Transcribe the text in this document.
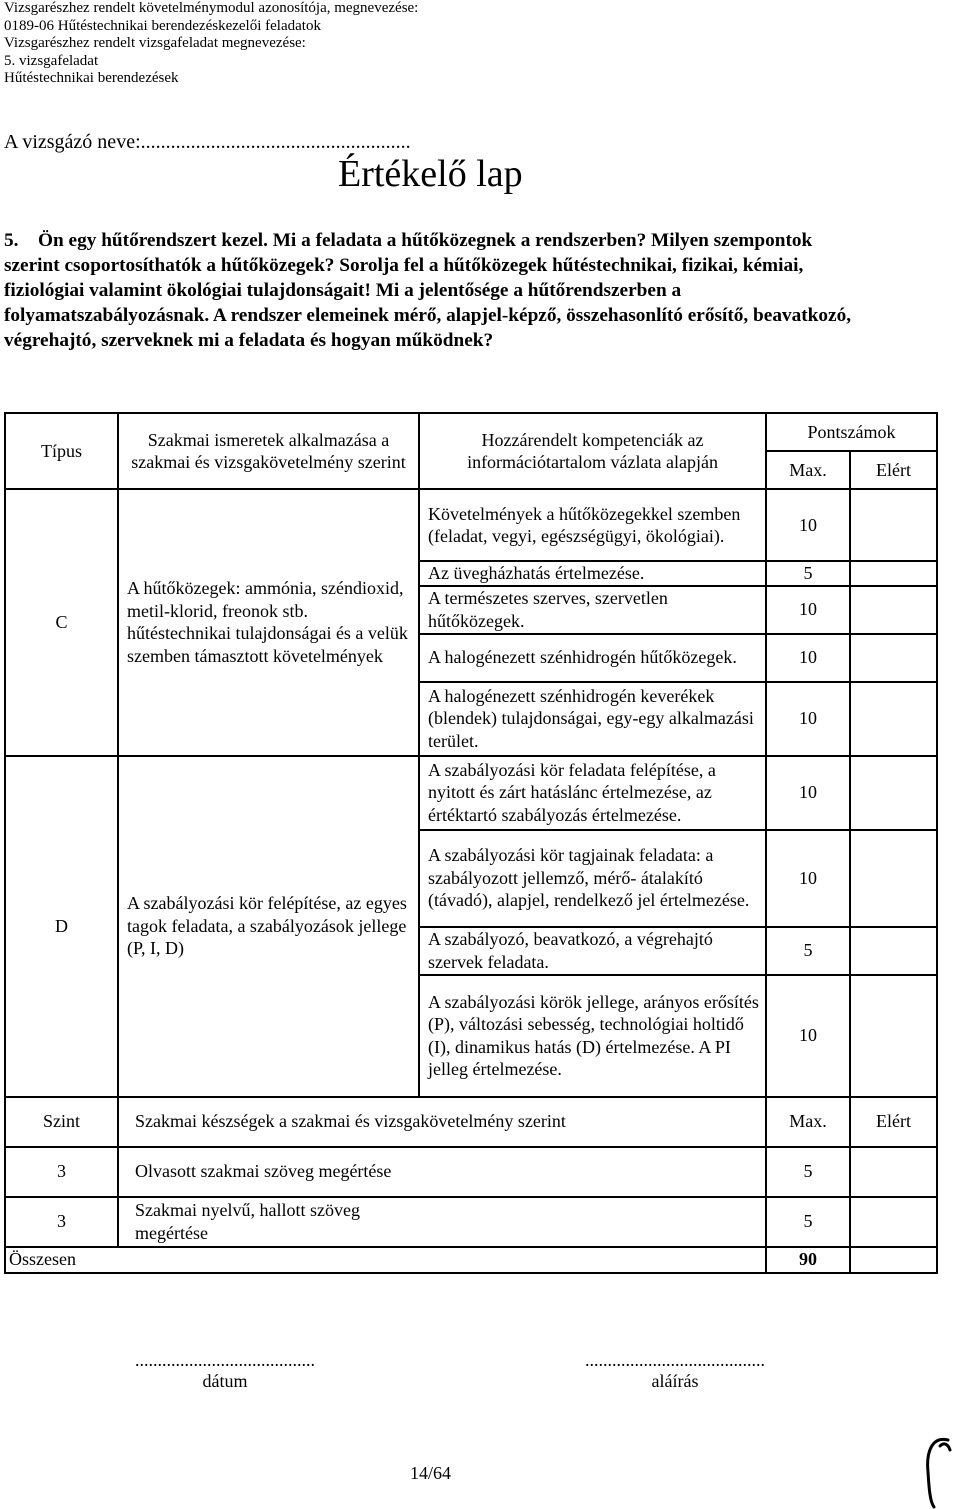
Vizsgarészhez rendelt követelménymodul azonosítója, megnevezése:
0189-06 Hűtéstechnikai berendezéskezelői feladatok
Vizsgarészhez rendelt vizsgafeladat megnevezése:
5. vizsgafeladat
Hűtéstechnikai berendezések
A vizsgázó neve:......................................................
Értékelő lap
5. Ön egy hűtőrendszert kezel. Mi a feladata a hűtőközegnek a rendszerben? Milyen szempontok szerint csoportosíthatók a hűtőközegek? Sorolja fel a hűtőközegek hűtéstechnikai, fizikai, kémiai, fiziológiai valamint ökológiai tulajdonságait! Mi a jelentősége a hűtőrendszerben a folyamatszabályozásnak. A rendszer elemeinek mérő, alapjel-képző, összehasonlító erősítő, beavatkozó, végrehajtó, szerveknek mi a feladata és hogyan működnek?
Típus	Szakmai ismeretek alkalmazása a szakmai és vizsgakövetelmény szerint	Hozzárendelt kompetenciák az információtartalom vázlata alapján	Pontszámok	
			Max.	Elért
C	A hűtőközegek: ammónia, széndioxid, metil-klorid, freonok stb. hűtéstechnikai tulajdonságai és a velük szemben támasztott követelmények	Követelmények a hűtőközegekkel szemben (feladat, vegyi, egészségügyi, ökológiai).	10	
		Az üvegházhatás értelmezése.	5	
		A természetes szerves, szervetlen hűtőközegek.	10	
		A halogénezett szénhidrogén hűtőközegek.	10	
		A halogénezett szénhidrogén keverékek (blendek) tulajdonságai, egy-egy alkalmazási terület.	10	
D	A szabályozási kör felépítése, az egyes tagok feladata, a szabályozások jellege (P, I, D)	A szabályozási kör feladata felépítése, a nyitott és zárt hatáslánc értelmezése, az értéktartó szabályozás értelmezése.	10	
		A szabályozási kör tagjainak feladata: a szabályozott jellemző, mérő- átalakító (távadó), alapjel, rendelkező jel értelmezése.	10	
		A szabályozó, beavatkozó, a végrehajtó szervek feladata.	5	
		A szabályozási körök jellege, arányos erősítés (P), változási sebesség, technológiai holtidő (I), dinamikus hatás (D) értelmezése. A PI jelleg értelmezése.	10	
Szint	Szakmai készségek a szakmai és vizsgakövetelmény szerint		Max.	Elért
3	Olvasott szakmai szöveg megértése		5	
3	Szakmai nyelvű, hallott szöveg megértése		5	
Összesen			90	
........................................
dátum
........................................
aláírás
14/64
